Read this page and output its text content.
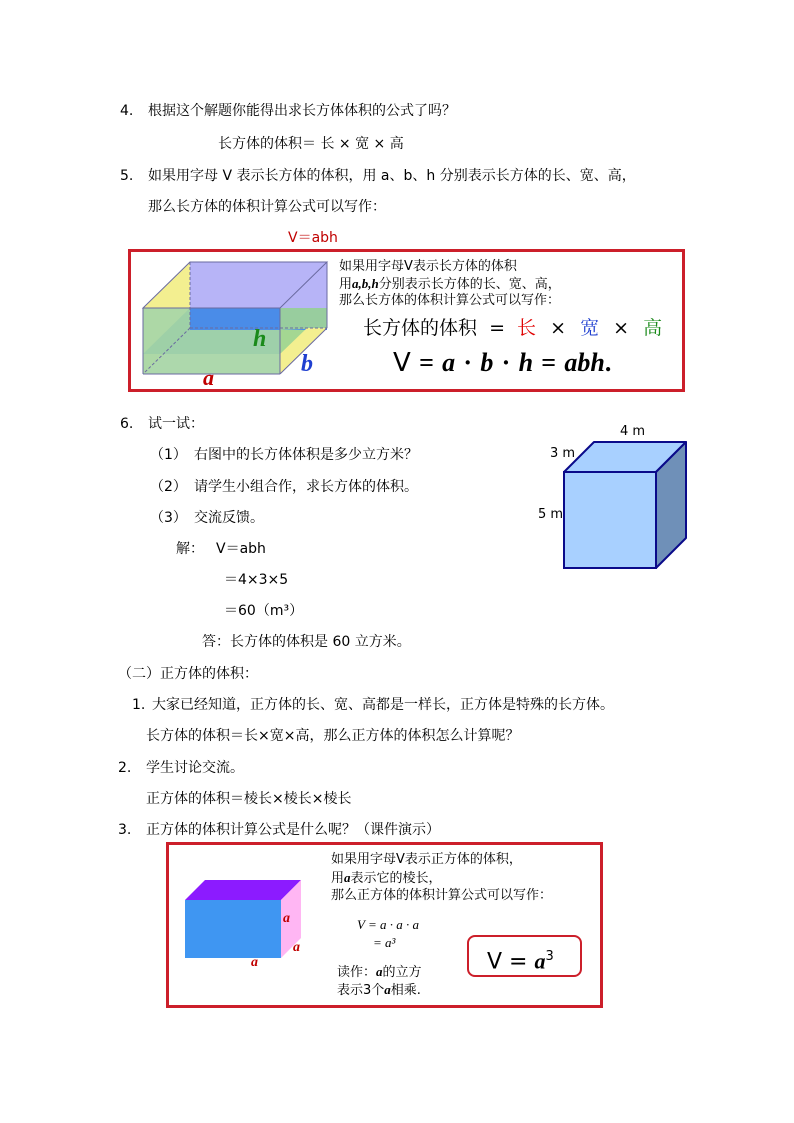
4. 根据这个解题你能得出求长方体体积的公式了吗？
长方体的体积＝ 长 × 宽 × 高
5. 如果用字母 V 表示长方体的体积，用 a、b、h 分别表示长方体的长、宽、高，
那么长方体的体积计算公式可以写作：
V＝abh
h
b
a
如果用字母V表示长方体的体积
用a,b,h分别表示长方体的长、宽、高，
那么长方体的体积计算公式可以写作：
长方体的体积 = 长 × 宽 × 高
V = a · b · h = abh.
6. 试一试：
（1） 右图中的长方体体积是多少立方米？
（2） 请学生小组合作，求长方体的体积。
（3） 交流反馈。
解： V＝abh
＝4×3×5
＝60（m³）
答：长方体的体积是 60 立方米。
4 m
3 m
5 m
（二）正方体的体积：
1. 大家已经知道，正方体的长、宽、高都是一样长，正方体是特殊的长方体。
长方体的体积＝长×宽×高，那么正方体的体积怎么计算呢？
2. 学生讨论交流。
正方体的体积＝棱长×棱长×棱长
3. 正方体的体积计算公式是什么呢？（课件演示）
a
a
a
如果用字母V表示正方体的体积，
用a表示它的棱长，
那么正方体的体积计算公式可以写作：
V = a · a · a
= a³
读作：a的立方
表示3个a相乘.
$V = a^3$
